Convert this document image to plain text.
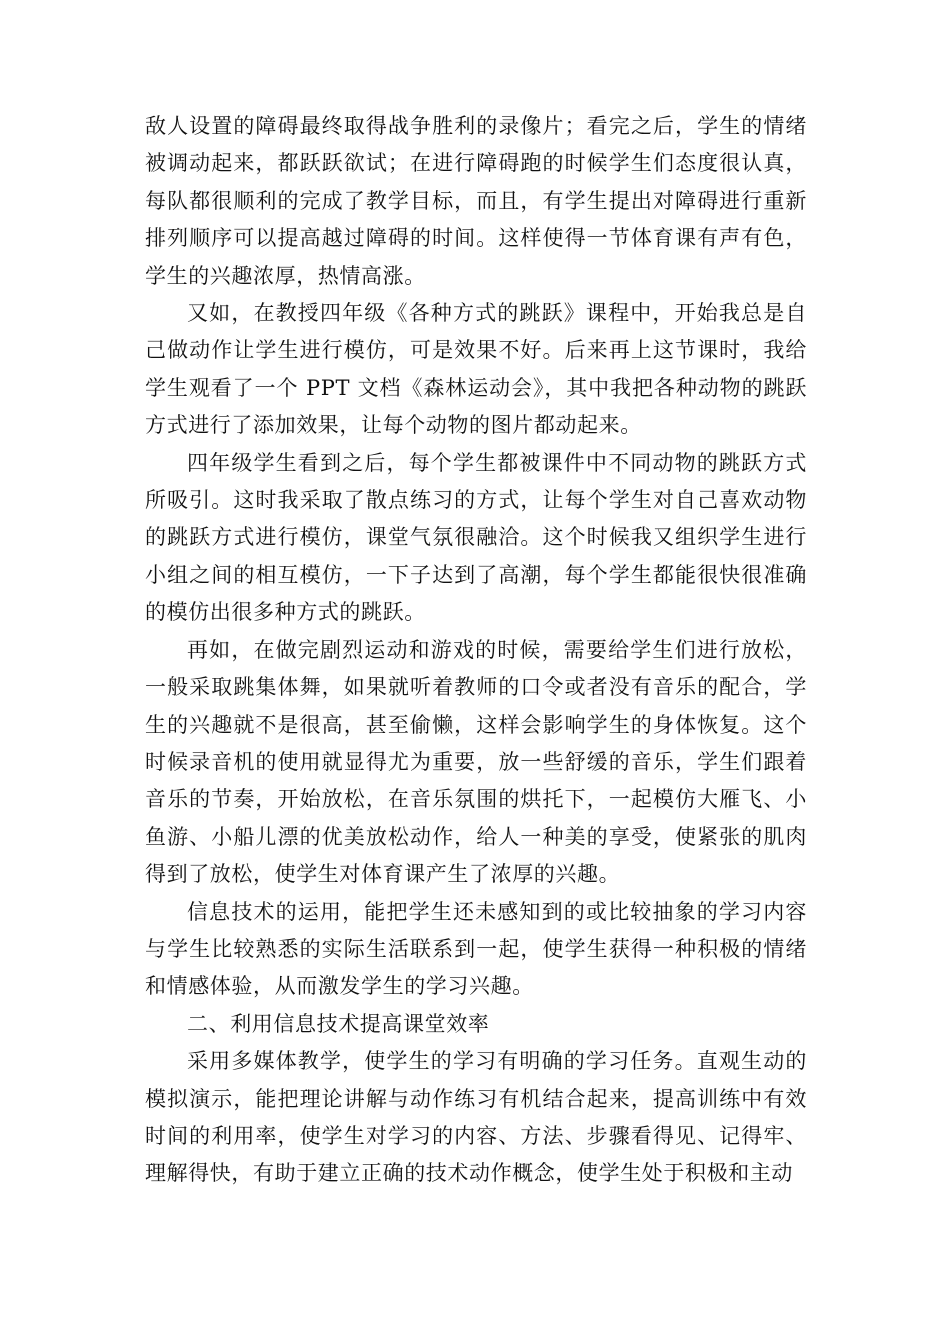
敌人设置的障碍最终取得战争胜利的录像片；看完之后，学生的情绪被调动起来，都跃跃欲试；在进行障碍跑的时候学生们态度很认真，每队都很顺利的完成了教学目标，而且，有学生提出对障碍进行重新排列顺序可以提高越过障碍的时间。这样使得一节体育课有声有色，学生的兴趣浓厚，热情高涨。

又如，在教授四年级《各种方式的跳跃》课程中，开始我总是自己做动作让学生进行模仿，可是效果不好。后来再上这节课时，我给学生观看了一个 PPT 文档《森林运动会》，其中我把各种动物的跳跃方式进行了添加效果，让每个动物的图片都动起来。

四年级学生看到之后，每个学生都被课件中不同动物的跳跃方式所吸引。这时我采取了散点练习的方式，让每个学生对自己喜欢动物的跳跃方式进行模仿，课堂气氛很融洽。这个时候我又组织学生进行小组之间的相互模仿，一下子达到了高潮，每个学生都能很快很准确的模仿出很多种方式的跳跃。

再如，在做完剧烈运动和游戏的时候，需要给学生们进行放松，一般采取跳集体舞，如果就听着教师的口令或者没有音乐的配合，学生的兴趣就不是很高，甚至偷懒，这样会影响学生的身体恢复。这个时候录音机的使用就显得尤为重要，放一些舒缓的音乐，学生们跟着音乐的节奏，开始放松，在音乐氛围的烘托下，一起模仿大雁飞、小鱼游、小船儿漂的优美放松动作，给人一种美的享受，使紧张的肌肉得到了放松，使学生对体育课产生了浓厚的兴趣。

信息技术的运用，能把学生还未感知到的或比较抽象的学习内容与学生比较熟悉的实际生活联系到一起，使学生获得一种积极的情绪和情感体验，从而激发学生的学习兴趣。

二、利用信息技术提高课堂效率

采用多媒体教学，使学生的学习有明确的学习任务。直观生动的模拟演示，能把理论讲解与动作练习有机结合起来，提高训练中有效时间的利用率，使学生对学习的内容、方法、步骤看得见、记得牢、理解得快，有助于建立正确的技术动作概念，使学生处于积极和主动
